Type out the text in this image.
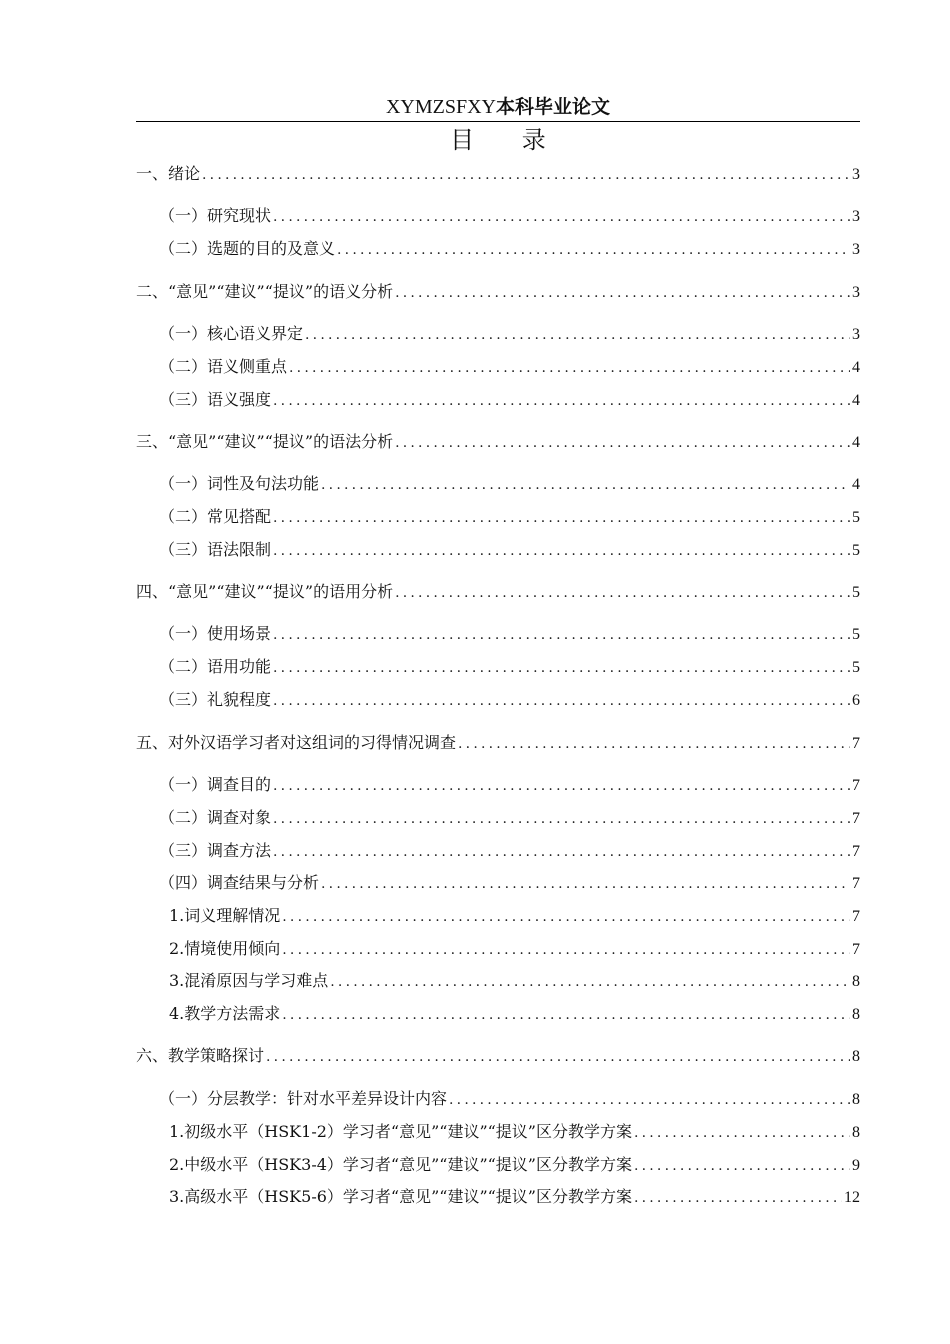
XYMZSFXY本科毕业论文
目 录
一、绪论 .....	3
（一）研究现状 .....	3
（二）选题的目的及意义 .....	3
二、“意见”“建议”“提议”的语义分析 .....	3
（一）核心语义界定 .....	3
（二）语义侧重点 .....	4
（三）语义强度 .....	4
三、“意见”“建议”“提议”的语法分析 .....	4
（一）词性及句法功能 .....	4
（二）常见搭配 .....	5
（三）语法限制 .....	5
四、“意见”“建议”“提议”的语用分析 .....	5
（一）使用场景 .....	5
（二）语用功能 .....	5
（三）礼貌程度 .....	6
五、对外汉语学习者对这组词的习得情况调查 .....	7
（一）调查目的 .....	7
（二）调查对象 .....	7
（三）调查方法 .....	7
（四）调查结果与分析 .....	7
1.词义理解情况 .....	7
2.情境使用倾向 .....	7
3.混淆原因与学习难点 .....	8
4.教学方法需求 .....	8
六、教学策略探讨 .....	8
（一）分层教学：针对水平差异设计内容 .....	8
1.初级水平（HSK1-2）学习者“意见”“建议”“提议”区分教学方案 .....	8
2.中级水平（HSK3-4）学习者“意见”“建议”“提议”区分教学方案 .....	9
3.高级水平（HSK5-6）学习者“意见”“建议”“提议”区分教学方案 .....	12
